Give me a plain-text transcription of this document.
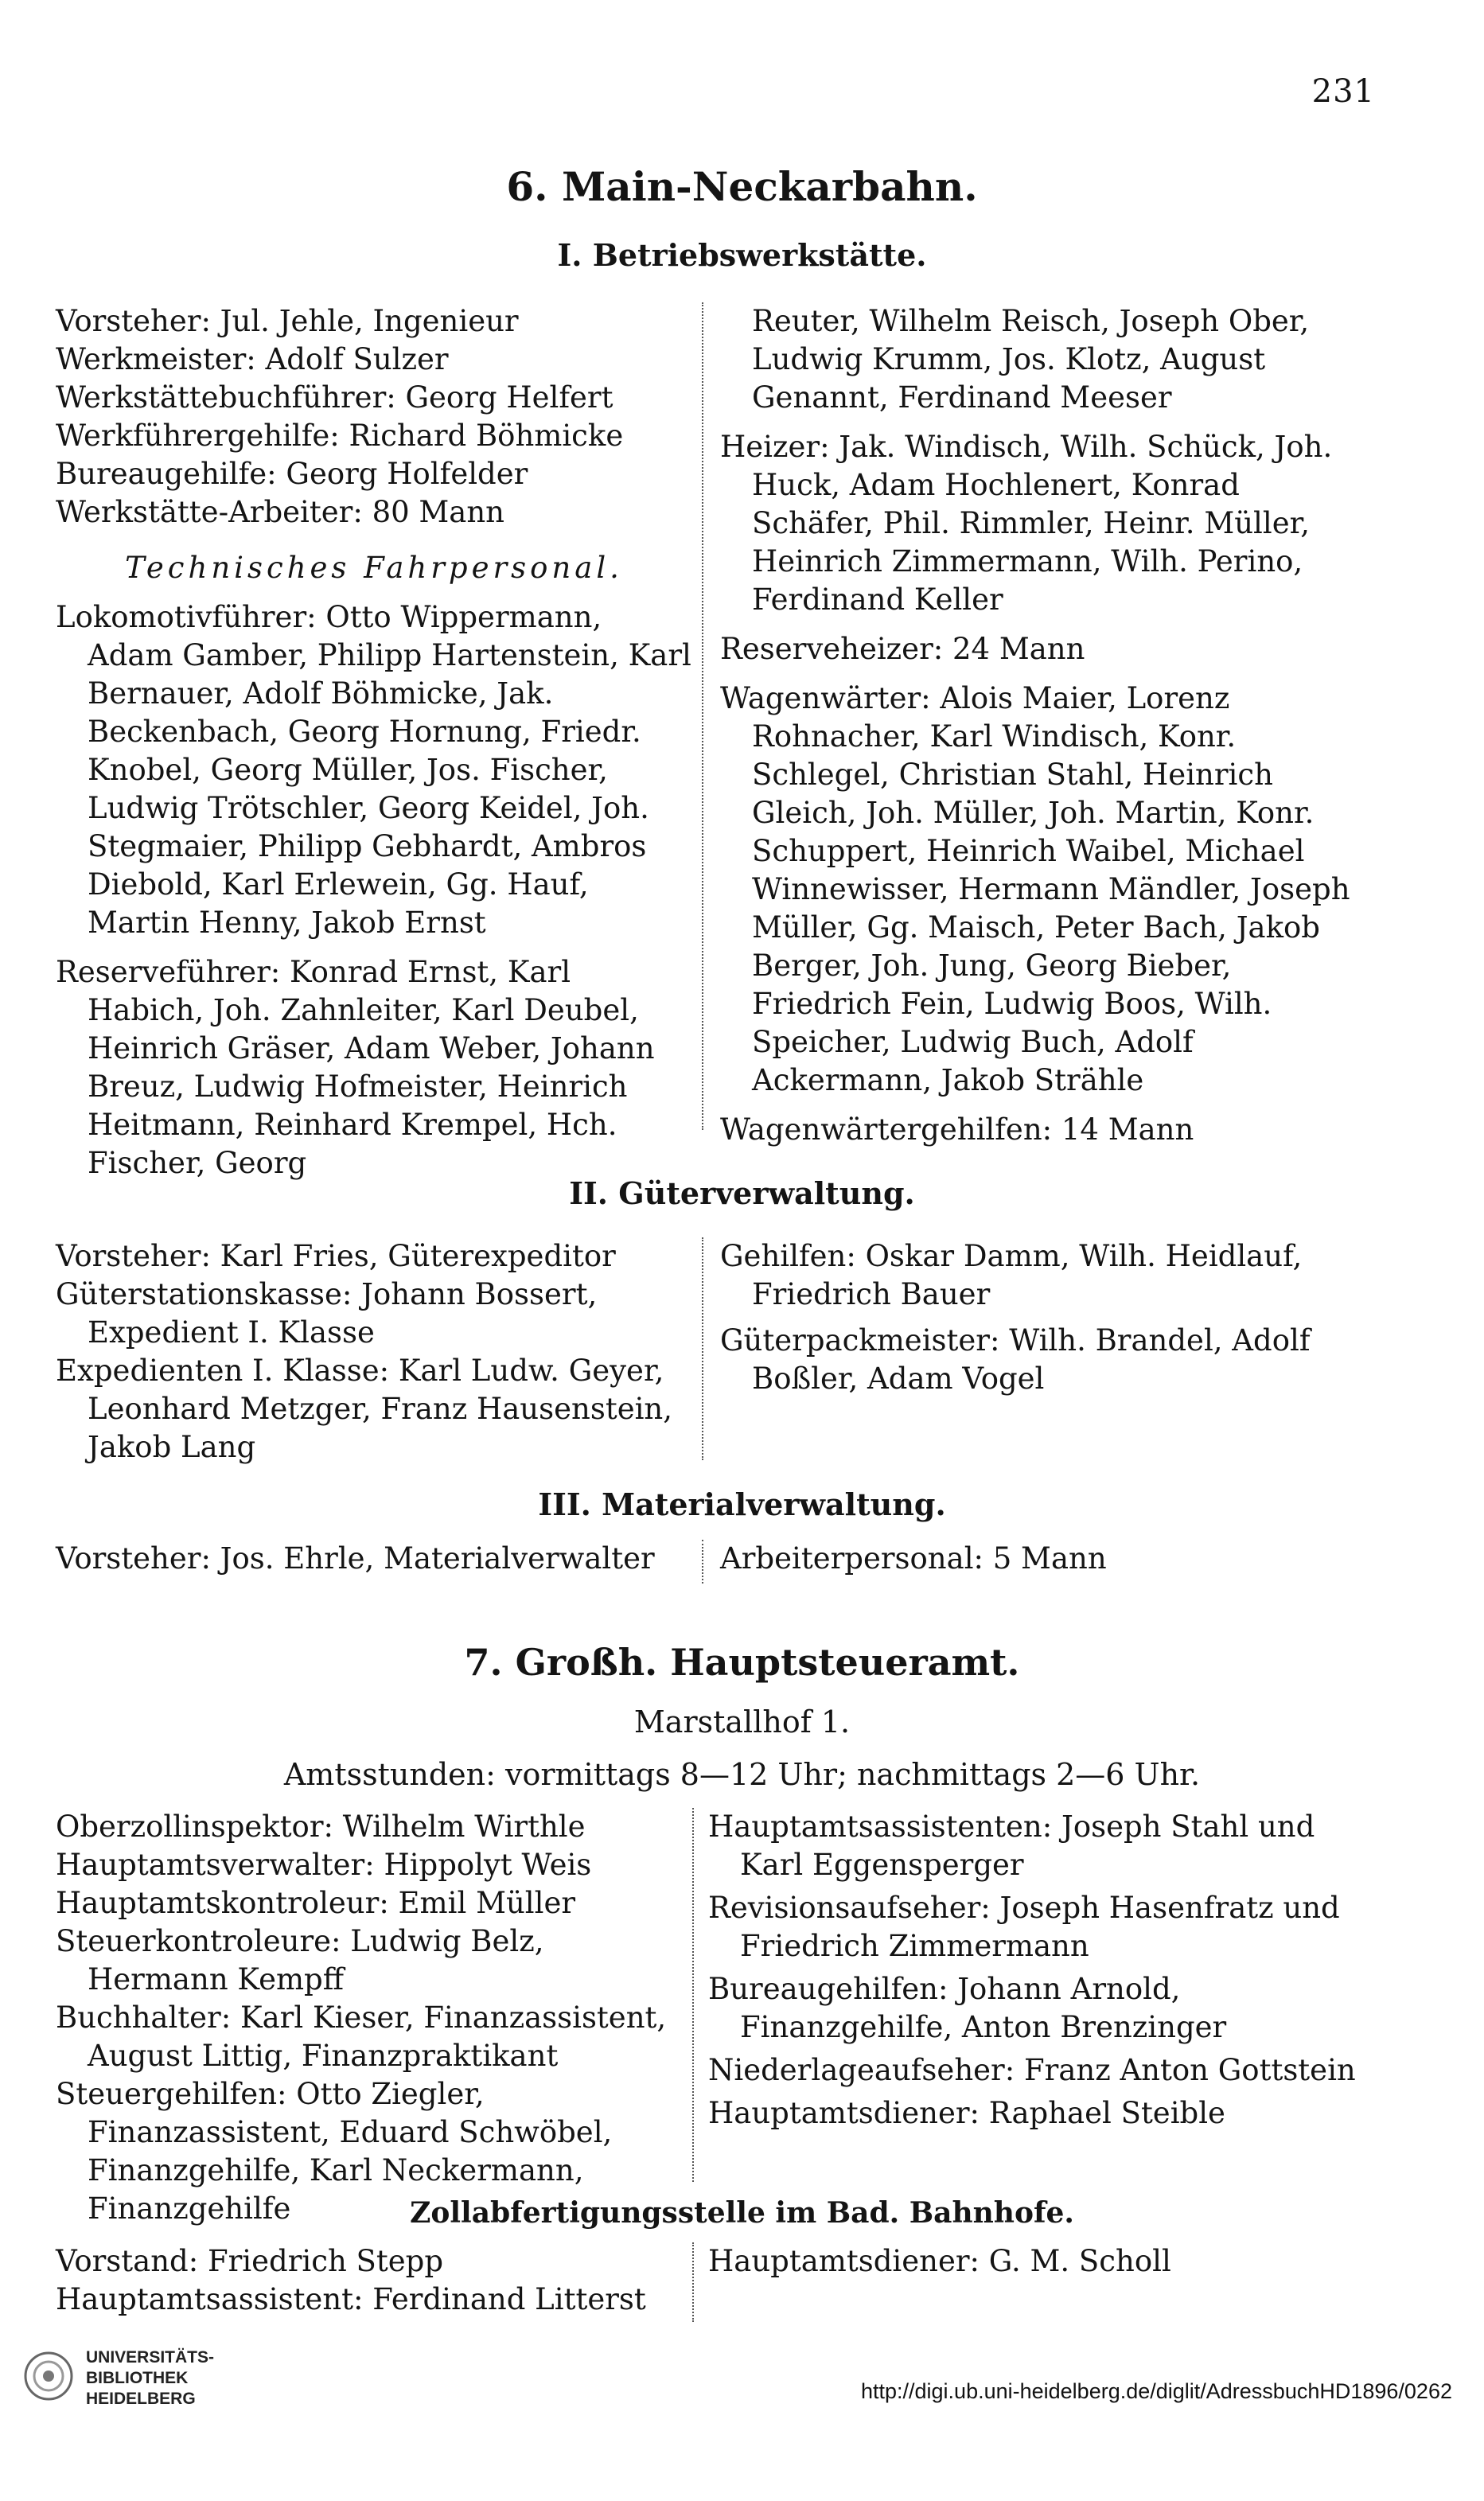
231
6. Main-Neckarbahn.
I. Betriebswerkstätte.

Vorsteher: Jul. Jehle, Ingenieur

Werkmeister: Adolf Sulzer

Werkstättebuchführer: Georg Helfert

Werkführergehilfe: Richard Böhmicke

Bureaugehilfe: Georg Holfelder

Werkstätte-Arbeiter: 80 Mann

Technisches Fahrpersonal.

Lokomotivführer: Otto Wippermann, Adam Gamber, Philipp Hartenstein, Karl Bernauer, Adolf Böhmicke, Jak. Beckenbach, Georg Hornung, Friedr. Knobel, Georg Müller, Jos. Fischer, Ludwig Trötschler, Georg Keidel, Joh. Stegmaier, Philipp Gebhardt, Ambros Diebold, Karl Erlewein, Gg. Hauf, Martin Henny, Jakob Ernst

Reserveführer: Konrad Ernst, Karl Habich, Joh. Zahnleiter, Karl Deubel, Heinrich Gräser, Adam Weber, Johann Breuz, Ludwig Hofmeister, Heinrich Heitmann, Reinhard Krempel, Hch. Fischer, Georg

Reuter, Wilhelm Reisch, Joseph Ober, Ludwig Krumm, Jos. Klotz, August Genannt, Ferdinand Meeser

Heizer: Jak. Windisch, Wilh. Schück, Joh. Huck, Adam Hochlenert, Konrad Schäfer, Phil. Rimmler, Heinr. Müller, Heinrich Zimmermann, Wilh. Perino, Ferdinand Keller

Reserveheizer: 24 Mann

Wagenwärter: Alois Maier, Lorenz Rohnacher, Karl Windisch, Konr. Schlegel, Christian Stahl, Heinrich Gleich, Joh. Müller, Joh. Martin, Konr. Schuppert, Heinrich Waibel, Michael Winnewisser, Hermann Mändler, Joseph Müller, Gg. Maisch, Peter Bach, Jakob Berger, Joh. Jung, Georg Bieber, Friedrich Fein, Ludwig Boos, Wilh. Speicher, Ludwig Buch, Adolf Ackermann, Jakob Strähle

Wagenwärtergehilfen: 14 Mann

II. Güterverwaltung.

Vorsteher: Karl Fries, Güterexpeditor

Güterstationskasse: Johann Bossert, Expedient I. Klasse

Expedienten I. Klasse: Karl Ludw. Geyer, Leonhard Metzger, Franz Hausenstein, Jakob Lang

Gehilfen: Oskar Damm, Wilh. Heidlauf, Friedrich Bauer

Güterpackmeister: Wilh. Brandel, Adolf Boßler, Adam Vogel

III. Materialverwaltung.

Vorsteher: Jos. Ehrle, Materialverwalter	Arbeiterpersonal: 5 Mann

7. Großh. Hauptsteueramt.
Marstallhof 1.
Amtsstunden: vormittags 8—12 Uhr; nachmittags 2—6 Uhr.

Oberzollinspektor: Wilhelm Wirthle

Hauptamtsverwalter: Hippolyt Weis

Hauptamtskontroleur: Emil Müller

Steuerkontroleure: Ludwig Belz, Hermann Kempff

Buchhalter: Karl Kieser, Finanzassistent, August Littig, Finanzpraktikant

Steuergehilfen: Otto Ziegler, Finanzassistent, Eduard Schwöbel, Finanzgehilfe, Karl Neckermann, Finanzgehilfe

Hauptamtsassistenten: Joseph Stahl und Karl Eggensperger

Revisionsaufseher: Joseph Hasenfratz und Friedrich Zimmermann

Bureaugehilfen: Johann Arnold, Finanzgehilfe, Anton Brenzinger

Niederlageaufseher: Franz Anton Gottstein

Hauptamtsdiener: Raphael Steible

Zollabfertigungsstelle im Bad. Bahnhofe.

Vorstand: Friedrich Stepp

Hauptamtsassistent: Ferdinand Litterst

Hauptamtsdiener: G. M. Scholl

UNIVERSITÄTS-
BIBLIOTHEK
HEIDELBERG	http://digi.ub.uni-heidelberg.de/diglit/AdressbuchHD1896/0262
